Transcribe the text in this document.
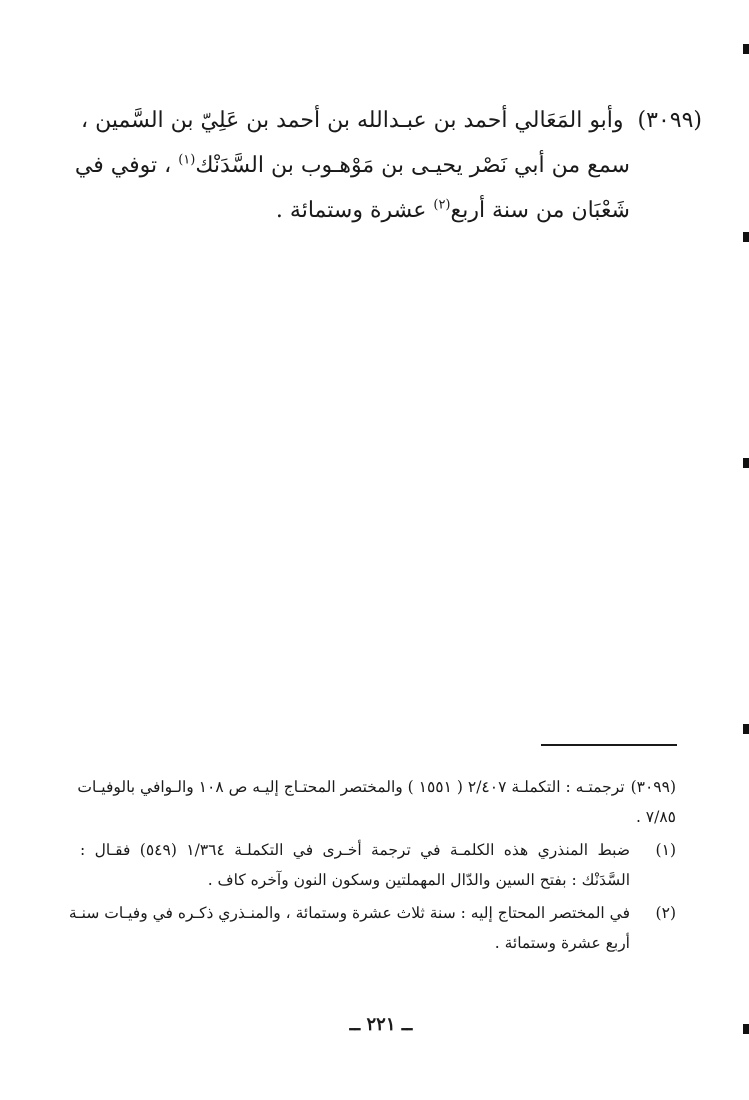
(٣٠٩٩)وأبو المَعَالي أحمد بن عبـدالله بن أحمد بن عَلِيّ بن السَّمين ،
سمع من أبي نَصْر يحيـى بن مَوْهـوب بن السَّدَنْك$^{(١)}$ ، توفي في
شَعْبَان من سنة أربع$^{(٢)}$ عشرة وستمائة .
(٣٠٩٩)ترجمتـه : التكملـة ٢/٤٠٧ ( ١٥٥١ ) والمختصر المحتـاج إليـه ص ١٠٨ والـوافي بالوفيـات
٧/٨٥ .
(١)ضبط المنذري هذه الكلمـة في ترجمة أخـرى في التكملـة ١/٣٦٤ (٥٤٩) فقـال :
السَّدَنْك : بفتح السين والدّال المهملتين وسكون النون وآخره كاف .
(٢)في المختصر المحتاج إليه : سنة ثلاث عشرة وستمائة ، والمنـذري ذكـره في وفيـات سنـة
أربع عشرة وستمائة .
ــ ٢٢١ ــ
